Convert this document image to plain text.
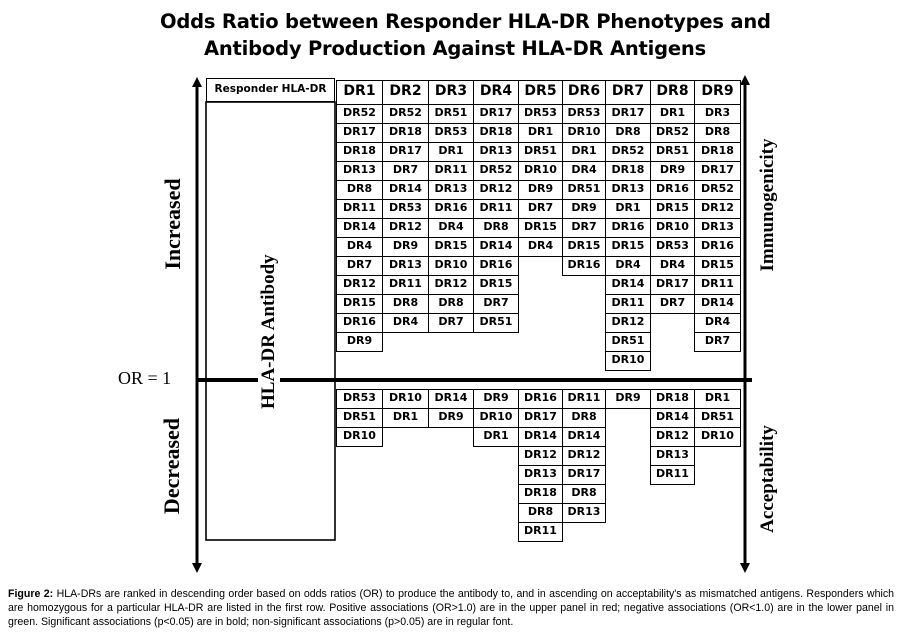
Odds Ratio between Responder HLA-DR Phenotypes and
Antibody Production Against HLA-DR Antigens
Responder HLA-DR	DR1
DR52
DR17
DR18
DR13
DR8
DR11
DR14
DR4
DR7
DR12
DR15
DR16
DR9
DR53
DR51
DR10
DR2
DR52
DR18
DR17
DR7
DR14
DR53
DR12
DR9
DR13
DR11
DR8
DR4
DR10
DR1
DR3
DR51
DR53
DR1
DR11
DR13
DR16
DR4
DR15
DR10
DR12
DR8
DR7
DR14
DR9
DR4
DR17
DR18
DR13
DR52
DR12
DR11
DR8
DR14
DR16
DR15
DR7
DR51
DR9
DR10
DR1
DR5
DR53
DR1
DR51
DR10
DR9
DR7
DR15
DR4
DR16
DR17
DR14
DR12
DR13
DR18
DR8
DR11
DR6
DR53
DR10
DR1
DR4
DR51
DR9
DR7
DR15
DR16
DR11
DR8
DR14
DR12
DR17
DR8
DR13
DR7
DR17
DR8
DR52
DR18
DR13
DR1
DR16
DR15
DR4
DR14
DR11
DR12
DR51
DR10
DR9
DR8
DR1
DR52
DR51
DR9
DR16
DR15
DR10
DR53
DR4
DR17
DR7
DR18
DR14
DR12
DR13
DR11
DR9
DR3
DR8
DR18
DR17
DR52
DR12
DR13
DR16
DR15
DR11
DR14
DR4
DR7
DR1
DR51
DR10
Increased
Decreased
OR = 1	HLA-DR Antibody
Immunogenicity
Acceptability
Figure 2: HLA-DRs are ranked in descending order based on odds ratios (OR) to produce the antibody to, and in ascending on acceptability's as mismatched antigens. Responders which are homozygous for a particular HLA-DR are listed in the first row. Positive associations (OR>1.0) are in the upper panel in red; negative associations (OR<1.0) are in the lower panel in green. Significant associations (p<0.05) are in bold; non-significant associations (p>0.05) are in regular font.
